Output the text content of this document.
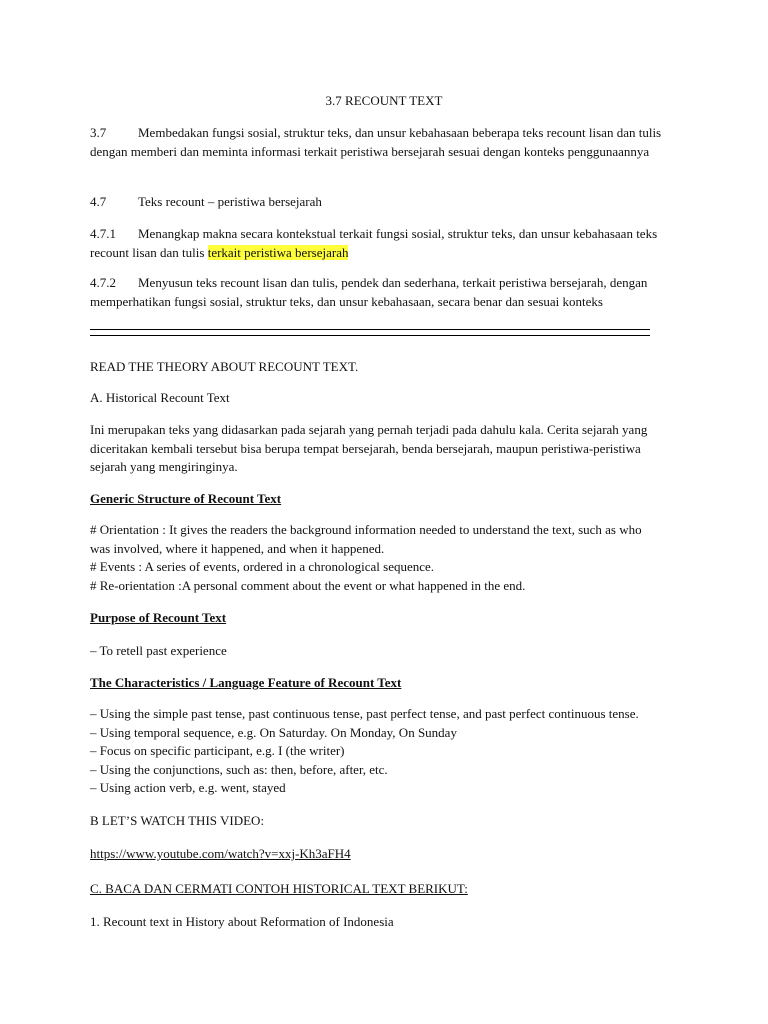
3.7 RECOUNT TEXT
3.7 Membedakan fungsi sosial, struktur teks, dan unsur kebahasaan beberapa teks recount lisan dan tulis dengan memberi dan meminta informasi terkait peristiwa bersejarah sesuai dengan konteks penggunaannya
4.7 Teks recount – peristiwa bersejarah
4.7.1 Menangkap makna secara kontekstual terkait fungsi sosial, struktur teks, dan unsur kebahasaan teks recount lisan dan tulis terkait peristiwa bersejarah
4.7.2 Menyusun teks recount lisan dan tulis, pendek dan sederhana, terkait peristiwa bersejarah, dengan memperhatikan fungsi sosial, struktur teks, dan unsur kebahasaan, secara benar dan sesuai konteks
READ THE THEORY ABOUT RECOUNT TEXT.
A. Historical Recount Text
Ini merupakan teks yang didasarkan pada sejarah yang pernah terjadi pada dahulu kala. Cerita sejarah yang diceritakan kembali tersebut bisa berupa tempat bersejarah, benda bersejarah, maupun peristiwa-peristiwa sejarah yang mengiringinya.
Generic Structure of Recount Text
# Orientation : It gives the readers the background information needed to understand the text, such as who was involved, where it happened, and when it happened.
# Events : A series of events, ordered in a chronological sequence.
# Re-orientation :A personal comment about the event or what happened in the end.
Purpose of Recount Text
– To retell past experience
The Characteristics / Language Feature of Recount Text
– Using the simple past tense, past continuous tense, past perfect tense, and past perfect continuous tense.
– Using temporal sequence, e.g. On Saturday. On Monday, On Sunday
– Focus on specific participant, e.g. I (the writer)
– Using the conjunctions, such as: then, before, after, etc.
– Using action verb, e.g. went, stayed
B LET’S WATCH THIS VIDEO:
https://www.youtube.com/watch?v=xxj-Kh3aFH4
C. BACA DAN CERMATI CONTOH HISTORICAL TEXT BERIKUT:
1. Recount text in History about Reformation of Indonesia
